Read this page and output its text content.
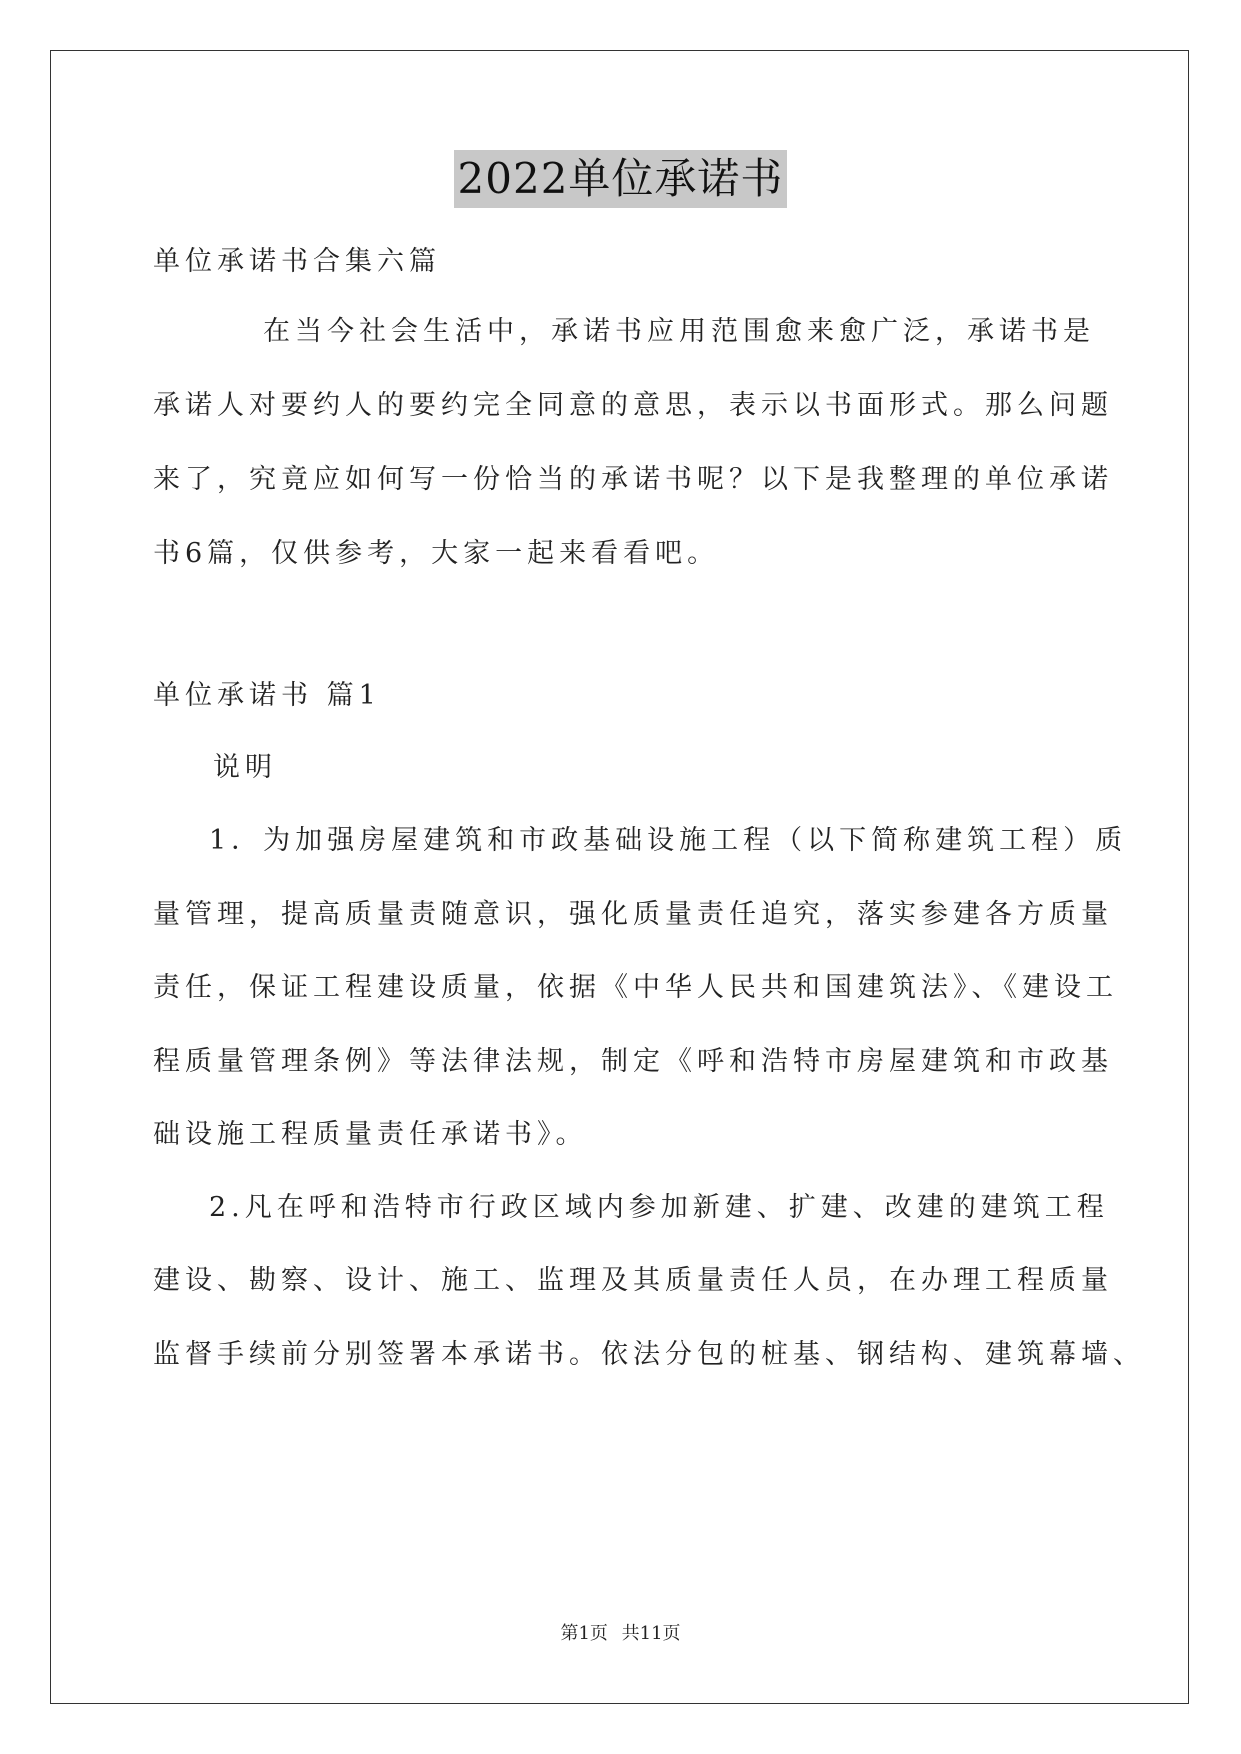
2022单位承诺书
单位承诺书合集六篇
在当今社会生活中，承诺书应用范围愈来愈广泛，承诺书是
承诺人对要约人的要约完全同意的意思，表示以书面形式。那么问题
来了，究竟应如何写一份恰当的承诺书呢？以下是我整理的单位承诺
书6篇，仅供参考，大家一起来看看吧。
单位承诺书 篇1
说明
1．为加强房屋建筑和市政基础设施工程（以下简称建筑工程）质
量管理，提高质量责随意识，强化质量责任追究，落实参建各方质量
责任，保证工程建设质量，依据《中华人民共和国建筑法》、《建设工
程质量管理条例》等法律法规，制定《呼和浩特市房屋建筑和市政基
础设施工程质量责任承诺书》。
2.凡在呼和浩特市行政区域内参加新建、扩建、改建的建筑工程
建设、勘察、设计、施工、监理及其质量责任人员，在办理工程质量
监督手续前分别签署本承诺书。依法分包的桩基、钢结构、建筑幕墙、
第1页 共11页
